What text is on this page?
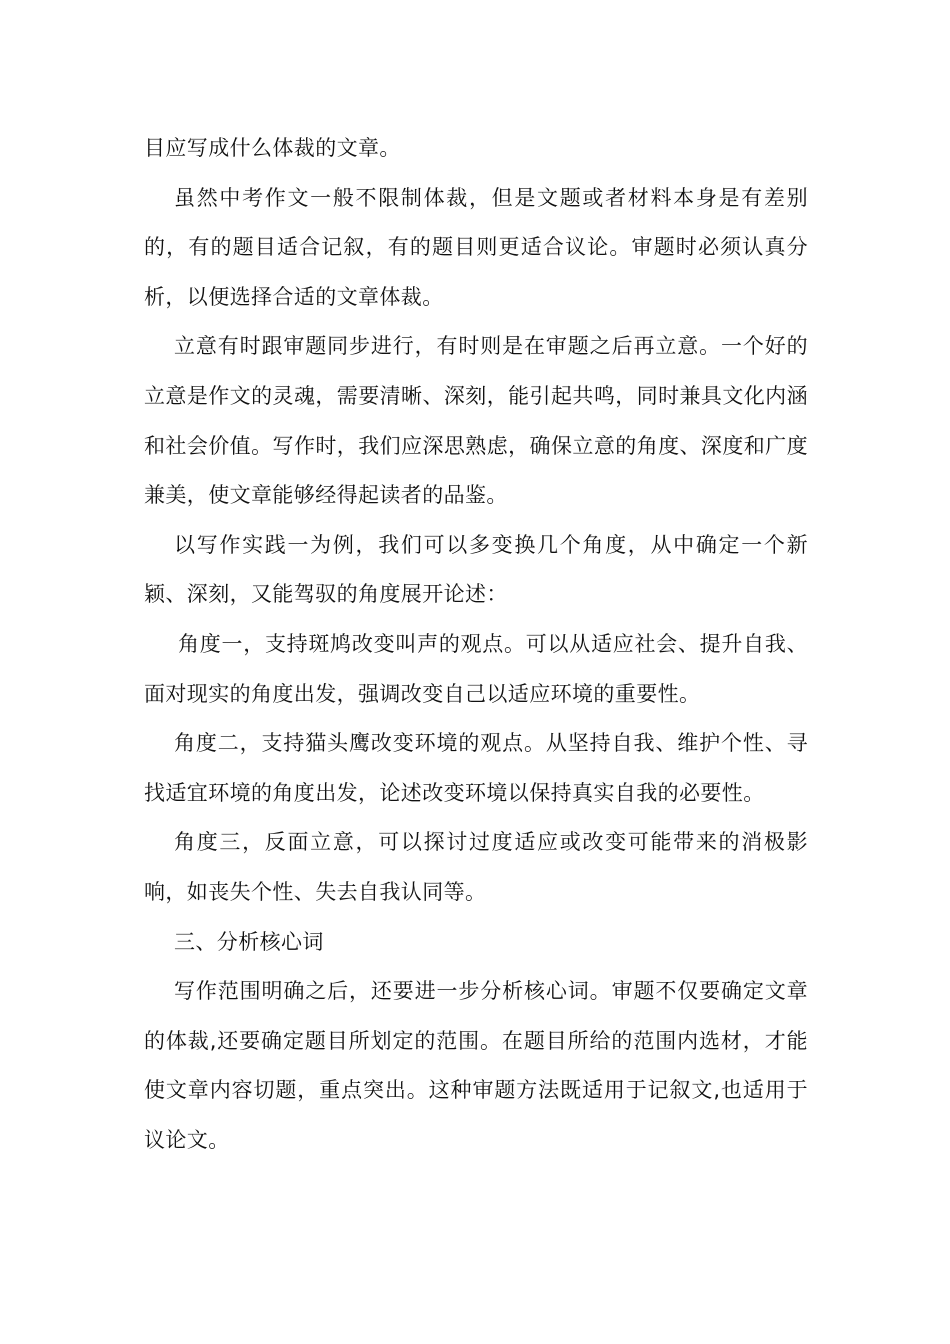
目应写成什么体裁的文章。

虽然中考作文一般不限制体裁，但是文题或者材料本身是有差别的，有的题目适合记叙，有的题目则更适合议论。审题时必须认真分析，以便选择合适的文章体裁。

立意有时跟审题同步进行，有时则是在审题之后再立意。一个好的立意是作文的灵魂，需要清晰、深刻，能引起共鸣，同时兼具文化内涵和社会价值。写作时，我们应深思熟虑，确保立意的角度、深度和广度兼美，使文章能够经得起读者的品鉴。

以写作实践一为例，我们可以多变换几个角度，从中确定一个新颖、深刻，又能驾驭的角度展开论述：

角度一，支持斑鸠改变叫声的观点。可以从适应社会、提升自我、面对现实的角度出发，强调改变自己以适应环境的重要性。

角度二，支持猫头鹰改变环境的观点。从坚持自我、维护个性、寻找适宜环境的角度出发，论述改变环境以保持真实自我的必要性。

角度三，反面立意，可以探讨过度适应或改变可能带来的消极影响，如丧失个性、失去自我认同等。

三、分析核心词

写作范围明确之后，还要进一步分析核心词。审题不仅要确定文章的体裁,还要确定题目所划定的范围。在题目所给的范围内选材，才能使文章内容切题，重点突出。这种审题方法既适用于记叙文,也适用于议论文。
